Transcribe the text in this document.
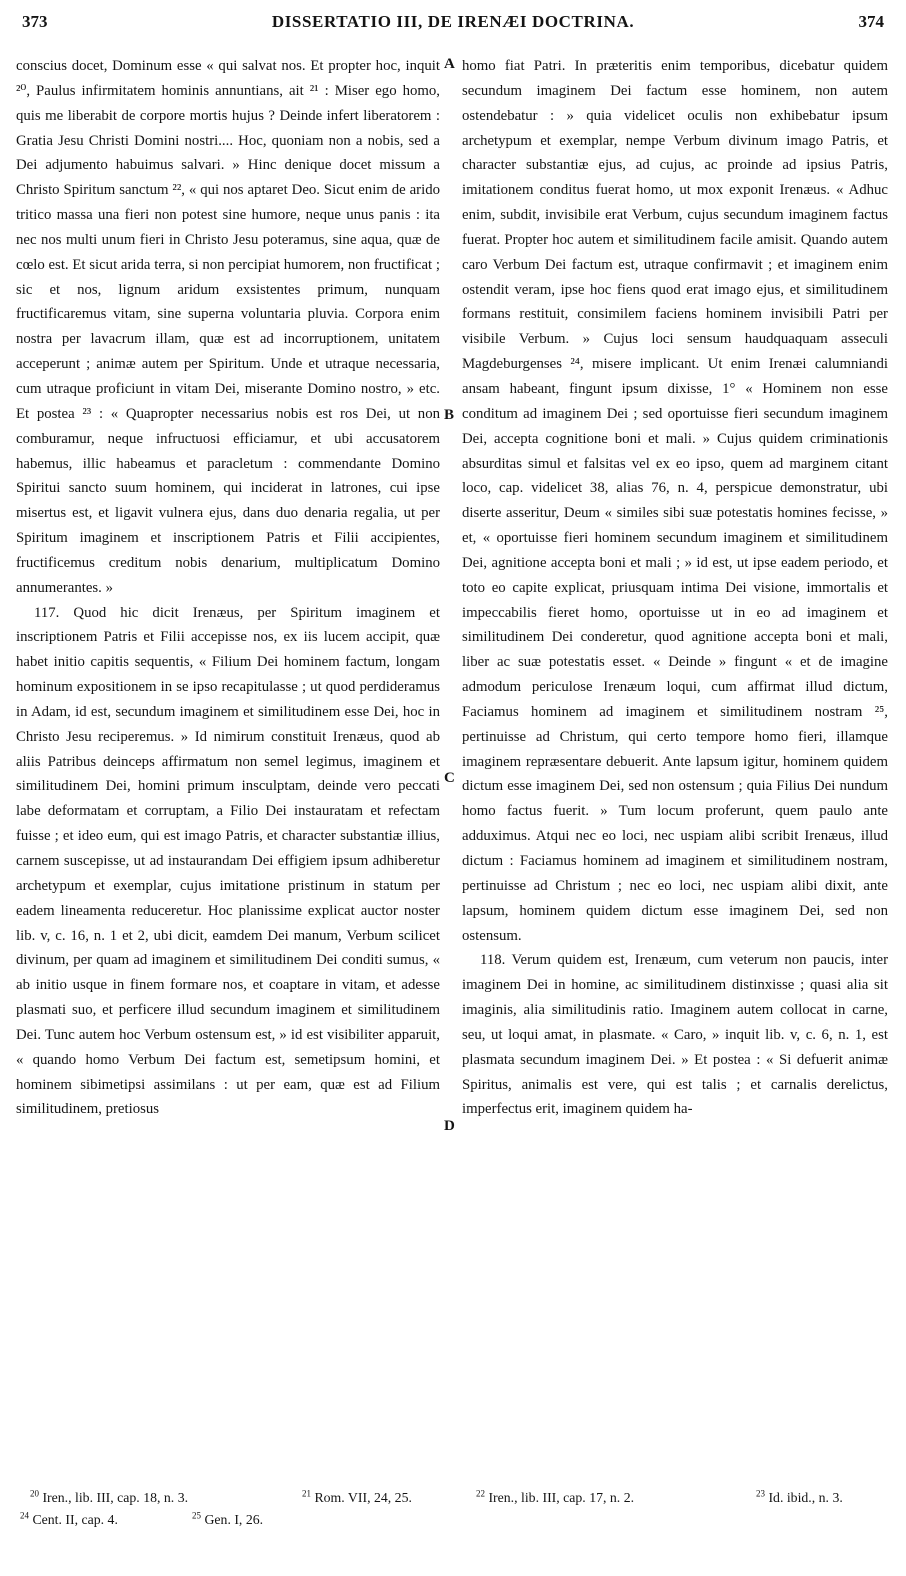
373	DISSERTATIO III, DE IRENÆI DOCTRINA.	374

conscius docet, Dominum esse « qui salvat nos. Et propter hoc, inquit ²⁰, Paulus infirmitatem hominis annuntians, ait ²¹ : Miser ego homo, quis me liberabit de corpore mortis hujus ? Deinde infert liberatorem : Gratia Jesu Christi Domini nostri.... Hoc, quoniam non a nobis, sed a Dei adjumento habuimus salvari. » Hinc denique docet missum a Christo Spiritum sanctum ²², « qui nos aptaret Deo. Sicut enim de arido tritico massa una fieri non potest sine humore, neque unus panis : ita nec nos multi unum fieri in Christo Jesu poteramus, sine aqua, quæ de cœlo est. Et sicut arida terra, si non percipiat humorem, non fructificat ; sic et nos, lignum aridum exsistentes primum, nunquam fructificaremus vitam, sine superna voluntaria pluvia. Corpora enim nostra per lavacrum illam, quæ est ad incorruptionem, unitatem acceperunt ; animæ autem per Spiritum. Unde et utraque necessaria, cum utraque proficiunt in vitam Dei, miserante Domino nostro, » etc. Et postea ²³ : « Quapropter necessarius nobis est ros Dei, ut non comburamur, neque infructuosi efficiamur, et ubi accusatorem habemus, illic habeamus et paracletum : commendante Domino Spiritui sancto suum hominem, qui inciderat in latrones, cui ipse misertus est, et ligavit vulnera ejus, dans duo denaria regalia, ut per Spiritum imaginem et inscriptionem Patris et Filii accipientes, fructificemus creditum nobis denarium, multiplicatum Domino annumerantes. »

117. Quod hic dicit Irenæus, per Spiritum imaginem et inscriptionem Patris et Filii accepisse nos, ex iis lucem accipit, quæ habet initio capitis sequentis, « Filium Dei hominem factum, longam hominum expositionem in se ipso recapitulasse ; ut quod perdideramus in Adam, id est, secundum imaginem et similitudinem esse Dei, hoc in Christo Jesu reciperemus. » Id nimirum constituit Irenæus, quod ab aliis Patribus deinceps affirmatum non semel legimus, imaginem et similitudinem Dei, homini primum insculptam, deinde vero peccati labe deformatam et corruptam, a Filio Dei instauratam et refectam fuisse ; et ideo eum, qui est imago Patris, et character substantiæ illius, carnem suscepisse, ut ad instaurandam Dei effigiem ipsum adhiberetur archetypum et exemplar, cujus imitatione pristinum in statum per eadem lineamenta reduceretur. Hoc planissime explicat auctor noster lib. v, c. 16, n. 1 et 2, ubi dicit, eamdem Dei manum, Verbum scilicet divinum, per quam ad imaginem et similitudinem Dei conditi sumus, « ab initio usque in finem formare nos, et coaptare in vitam, et adesse plasmati suo, et perficere illud secundum imaginem et similitudinem Dei. Tunc autem hoc Verbum ostensum est, » id est visibiliter apparuit, « quando homo Verbum Dei factum est, semetipsum homini, et hominem sibimetipsi assimilans : ut per eam, quæ est ad Filium similitudinem, pretiosus

homo fiat Patri. In præteritis enim temporibus, dicebatur quidem secundum imaginem Dei factum esse hominem, non autem ostendebatur : » quia videlicet oculis non exhibebatur ipsum archetypum et exemplar, nempe Verbum divinum imago Patris, et character substantiæ ejus, ad cujus, ac proinde ad ipsius Patris, imitationem conditus fuerat homo, ut mox exponit Irenæus. « Adhuc enim, subdit, invisibile erat Verbum, cujus secundum imaginem factus fuerat. Propter hoc autem et similitudinem facile amisit. Quando autem caro Verbum Dei factum est, utraque confirmavit ; et imaginem enim ostendit veram, ipse hoc fiens quod erat imago ejus, et similitudinem formans restituit, consimilem faciens hominem invisibili Patri per visibile Verbum. » Cujus loci sensum haudquaquam asseculi Magdeburgenses ²⁴, misere implicant. Ut enim Irenæi calumniandi ansam habeant, fingunt ipsum dixisse, 1° « Hominem non esse conditum ad imaginem Dei ; sed oportuisse fieri secundum imaginem Dei, accepta cognitione boni et mali. » Cujus quidem criminationis absurditas simul et falsitas vel ex eo ipso, quem ad marginem citant loco, cap. videlicet 38, alias 76, n. 4, perspicue demonstratur, ubi diserte asseritur, Deum « similes sibi suæ potestatis homines fecisse, » et, « oportuisse fieri hominem secundum imaginem et similitudinem Dei, agnitione accepta boni et mali ; » id est, ut ipse eadem periodo, et toto eo capite explicat, priusquam intima Dei visione, immortalis et impeccabilis fieret homo, oportuisse ut in eo ad imaginem et similitudinem Dei conderetur, quod agnitione accepta boni et mali, liber ac suæ potestatis esset. « Deinde » fingunt « et de imagine admodum periculose Irenæum loqui, cum affirmat illud dictum, Faciamus hominem ad imaginem et similitudinem nostram ²⁵, pertinuisse ad Christum, qui certo tempore homo fieri, illamque imaginem repræsentare debuerit. Ante lapsum igitur, hominem quidem dictum esse imaginem Dei, sed non ostensum ; quia Filius Dei nundum homo factus fuerit. » Tum locum proferunt, quem paulo ante adduximus. Atqui nec eo loci, nec uspiam alibi scribit Irenæus, illud dictum : Faciamus hominem ad imaginem et similitudinem nostram, pertinuisse ad Christum ; nec eo loci, nec uspiam alibi dixit, ante lapsum, hominem quidem dictum esse imaginem Dei, sed non ostensum.

118. Verum quidem est, Irenæum, cum veterum non paucis, inter imaginem Dei in homine, ac similitudinem distinxisse ; quasi alia sit imaginis, alia similitudinis ratio. Imaginem autem collocat in carne, seu, ut loqui amat, in plasmate. « Caro, » inquit lib. v, c. 6, n. 1, est plasmata secundum imaginem Dei. » Et postea : « Si defuerit animæ Spiritus, animalis est vere, qui est talis ; et carnalis derelictus, imperfectus erit, imaginem quidem ha-

A
B
C
D
$^{20}$ Iren., lib. III, cap. 18, n. 3.	$^{21}$ Rom. VII, 24, 25.	$^{22}$ Iren., lib. III, cap. 17, n. 2.	$^{23}$ Id. ibid., n. 3.
$^{24}$ Cent. II, cap. 4.	$^{25}$ Gen. I, 26.
